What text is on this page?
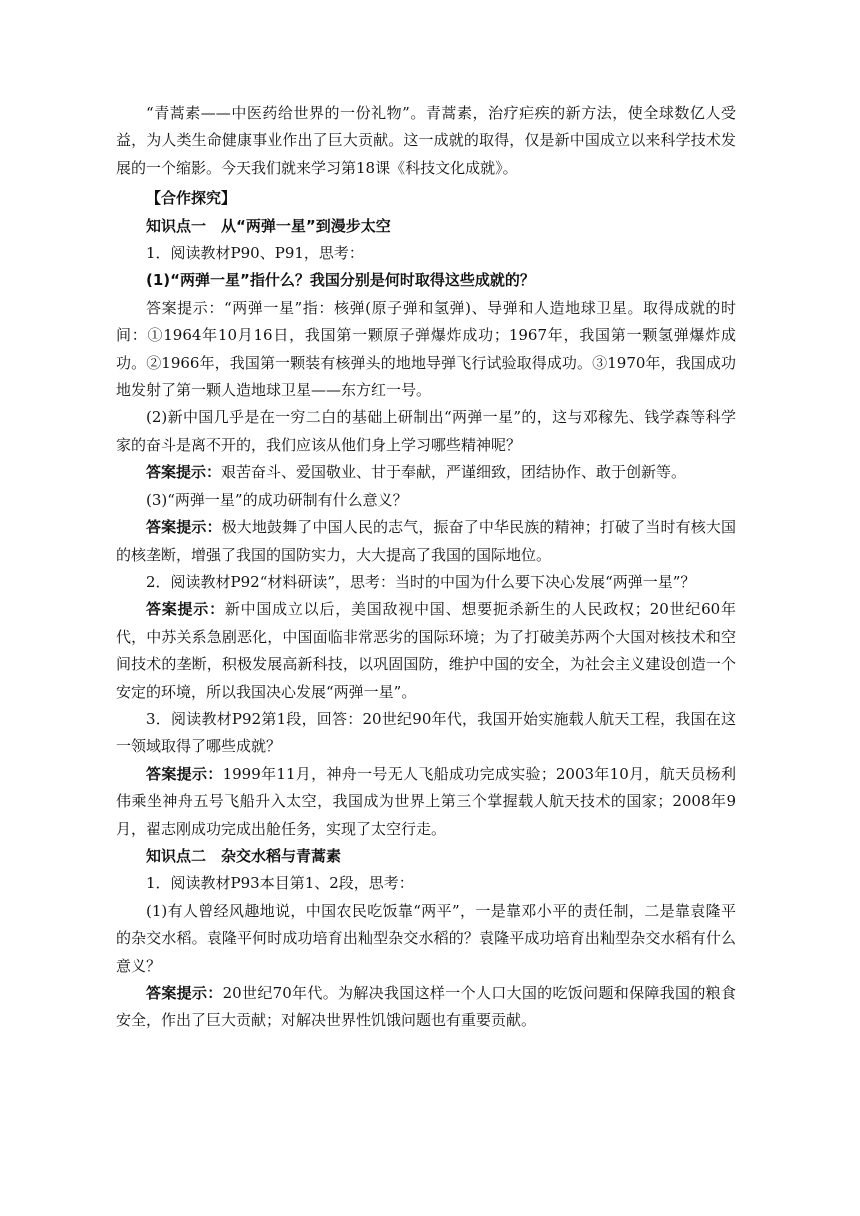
“青蒿素——中医药给世界的一份礼物”。青蒿素，治疗疟疾的新方法，使全球数亿人受益，为人类生命健康事业作出了巨大贡献。这一成就的取得，仅是新中国成立以来科学技术发展的一个缩影。今天我们就来学习第18课《科技文化成就》。

【合作探究】

知识点一　从“两弹一星”到漫步太空

1．阅读教材P90、P91，思考：

(1)“两弹一星”指什么？我国分别是何时取得这些成就的？

答案提示：“两弹一星”指：核弹(原子弹和氢弹)、导弹和人造地球卫星。取得成就的时间：①1964年10月16日，我国第一颗原子弹爆炸成功；1967年，我国第一颗氢弹爆炸成功。②1966年，我国第一颗装有核弹头的地地导弹飞行试验取得成功。③1970年，我国成功地发射了第一颗人造地球卫星——东方红一号。

(2)新中国几乎是在一穷二白的基础上研制出“两弹一星”的，这与邓稼先、钱学森等科学家的奋斗是离不开的，我们应该从他们身上学习哪些精神呢？

答案提示：艰苦奋斗、爱国敬业、甘于奉献，严谨细致，团结协作、敢于创新等。

(3)“两弹一星”的成功研制有什么意义？

答案提示：极大地鼓舞了中国人民的志气，振奋了中华民族的精神；打破了当时有核大国的核垄断，增强了我国的国防实力，大大提高了我国的国际地位。

2．阅读教材P92“材料研读”，思考：当时的中国为什么要下决心发展“两弹一星”？

答案提示：新中国成立以后，美国敌视中国、想要扼杀新生的人民政权；20世纪60年代，中苏关系急剧恶化，中国面临非常恶劣的国际环境；为了打破美苏两个大国对核技术和空间技术的垄断，积极发展高新科技，以巩固国防，维护中国的安全，为社会主义建设创造一个安定的环境，所以我国决心发展“两弹一星”。

3．阅读教材P92第1段，回答：20世纪90年代，我国开始实施载人航天工程，我国在这一领域取得了哪些成就？

答案提示：1999年11月，神舟一号无人飞船成功完成实验；2003年10月，航天员杨利伟乘坐神舟五号飞船升入太空，我国成为世界上第三个掌握载人航天技术的国家；2008年9月，翟志刚成功完成出舱任务，实现了太空行走。

知识点二　杂交水稻与青蒿素

1．阅读教材P93本目第1、2段，思考：

(1)有人曾经风趣地说，中国农民吃饭靠“两平”，一是靠邓小平的责任制，二是靠袁隆平的杂交水稻。袁隆平何时成功培育出籼型杂交水稻的？袁隆平成功培育出籼型杂交水稻有什么意义？

答案提示：20世纪70年代。为解决我国这样一个人口大国的吃饭问题和保障我国的粮食安全，作出了巨大贡献；对解决世界性饥饿问题也有重要贡献。
